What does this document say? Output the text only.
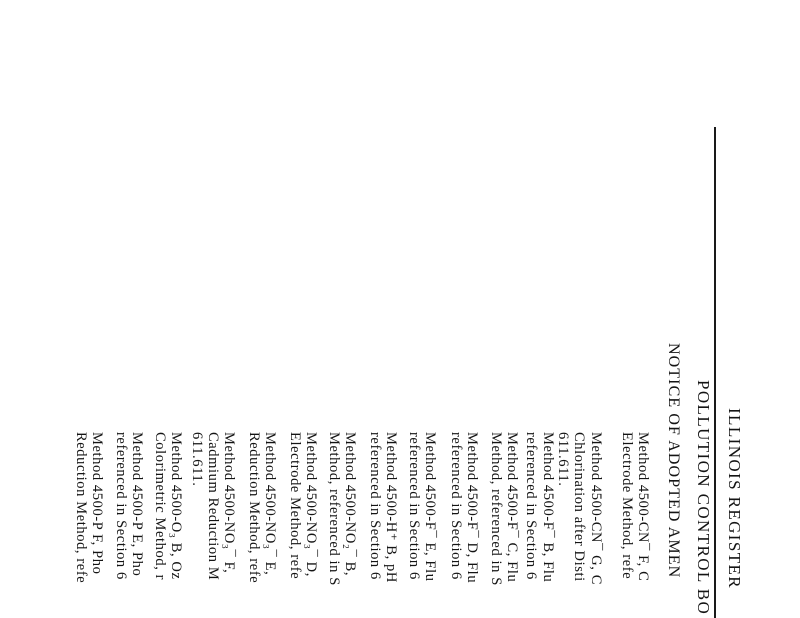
ILLINOIS REGISTER
POLLUTION CONTROL BO
NOTICE OF ADOPTED AMEN
Method 4500-CN¯ F, C
Electrode Method, refe
Method 4500-CN¯ G, C
Chlorination after Disti
611.611.
Method 4500-F¯ B, Flu
referenced in Section 6
Method 4500-F¯ C, Flu
Method, referenced in S
Method 4500-F¯ D, Flu
referenced in Section 6
Method 4500-F¯ E, Flu
referenced in Section 6
Method 4500-H⁺ B, pH
referenced in Section 6
Method 4500-NO₂¯ B,
Method, referenced in S
Method 4500-NO₃¯ D,
Electrode Method, refe
Method 4500-NO₃¯ E,
Reduction Method, refe
Method 4500-NO₃¯ F,
Cadmium Reduction M
611.611.
Method 4500-O₃ B, Oz
Colorimetric Method, r
Method 4500-P E, Pho
referenced in Section 6
Method 4500-P F, Pho
Reduction Method, refe
